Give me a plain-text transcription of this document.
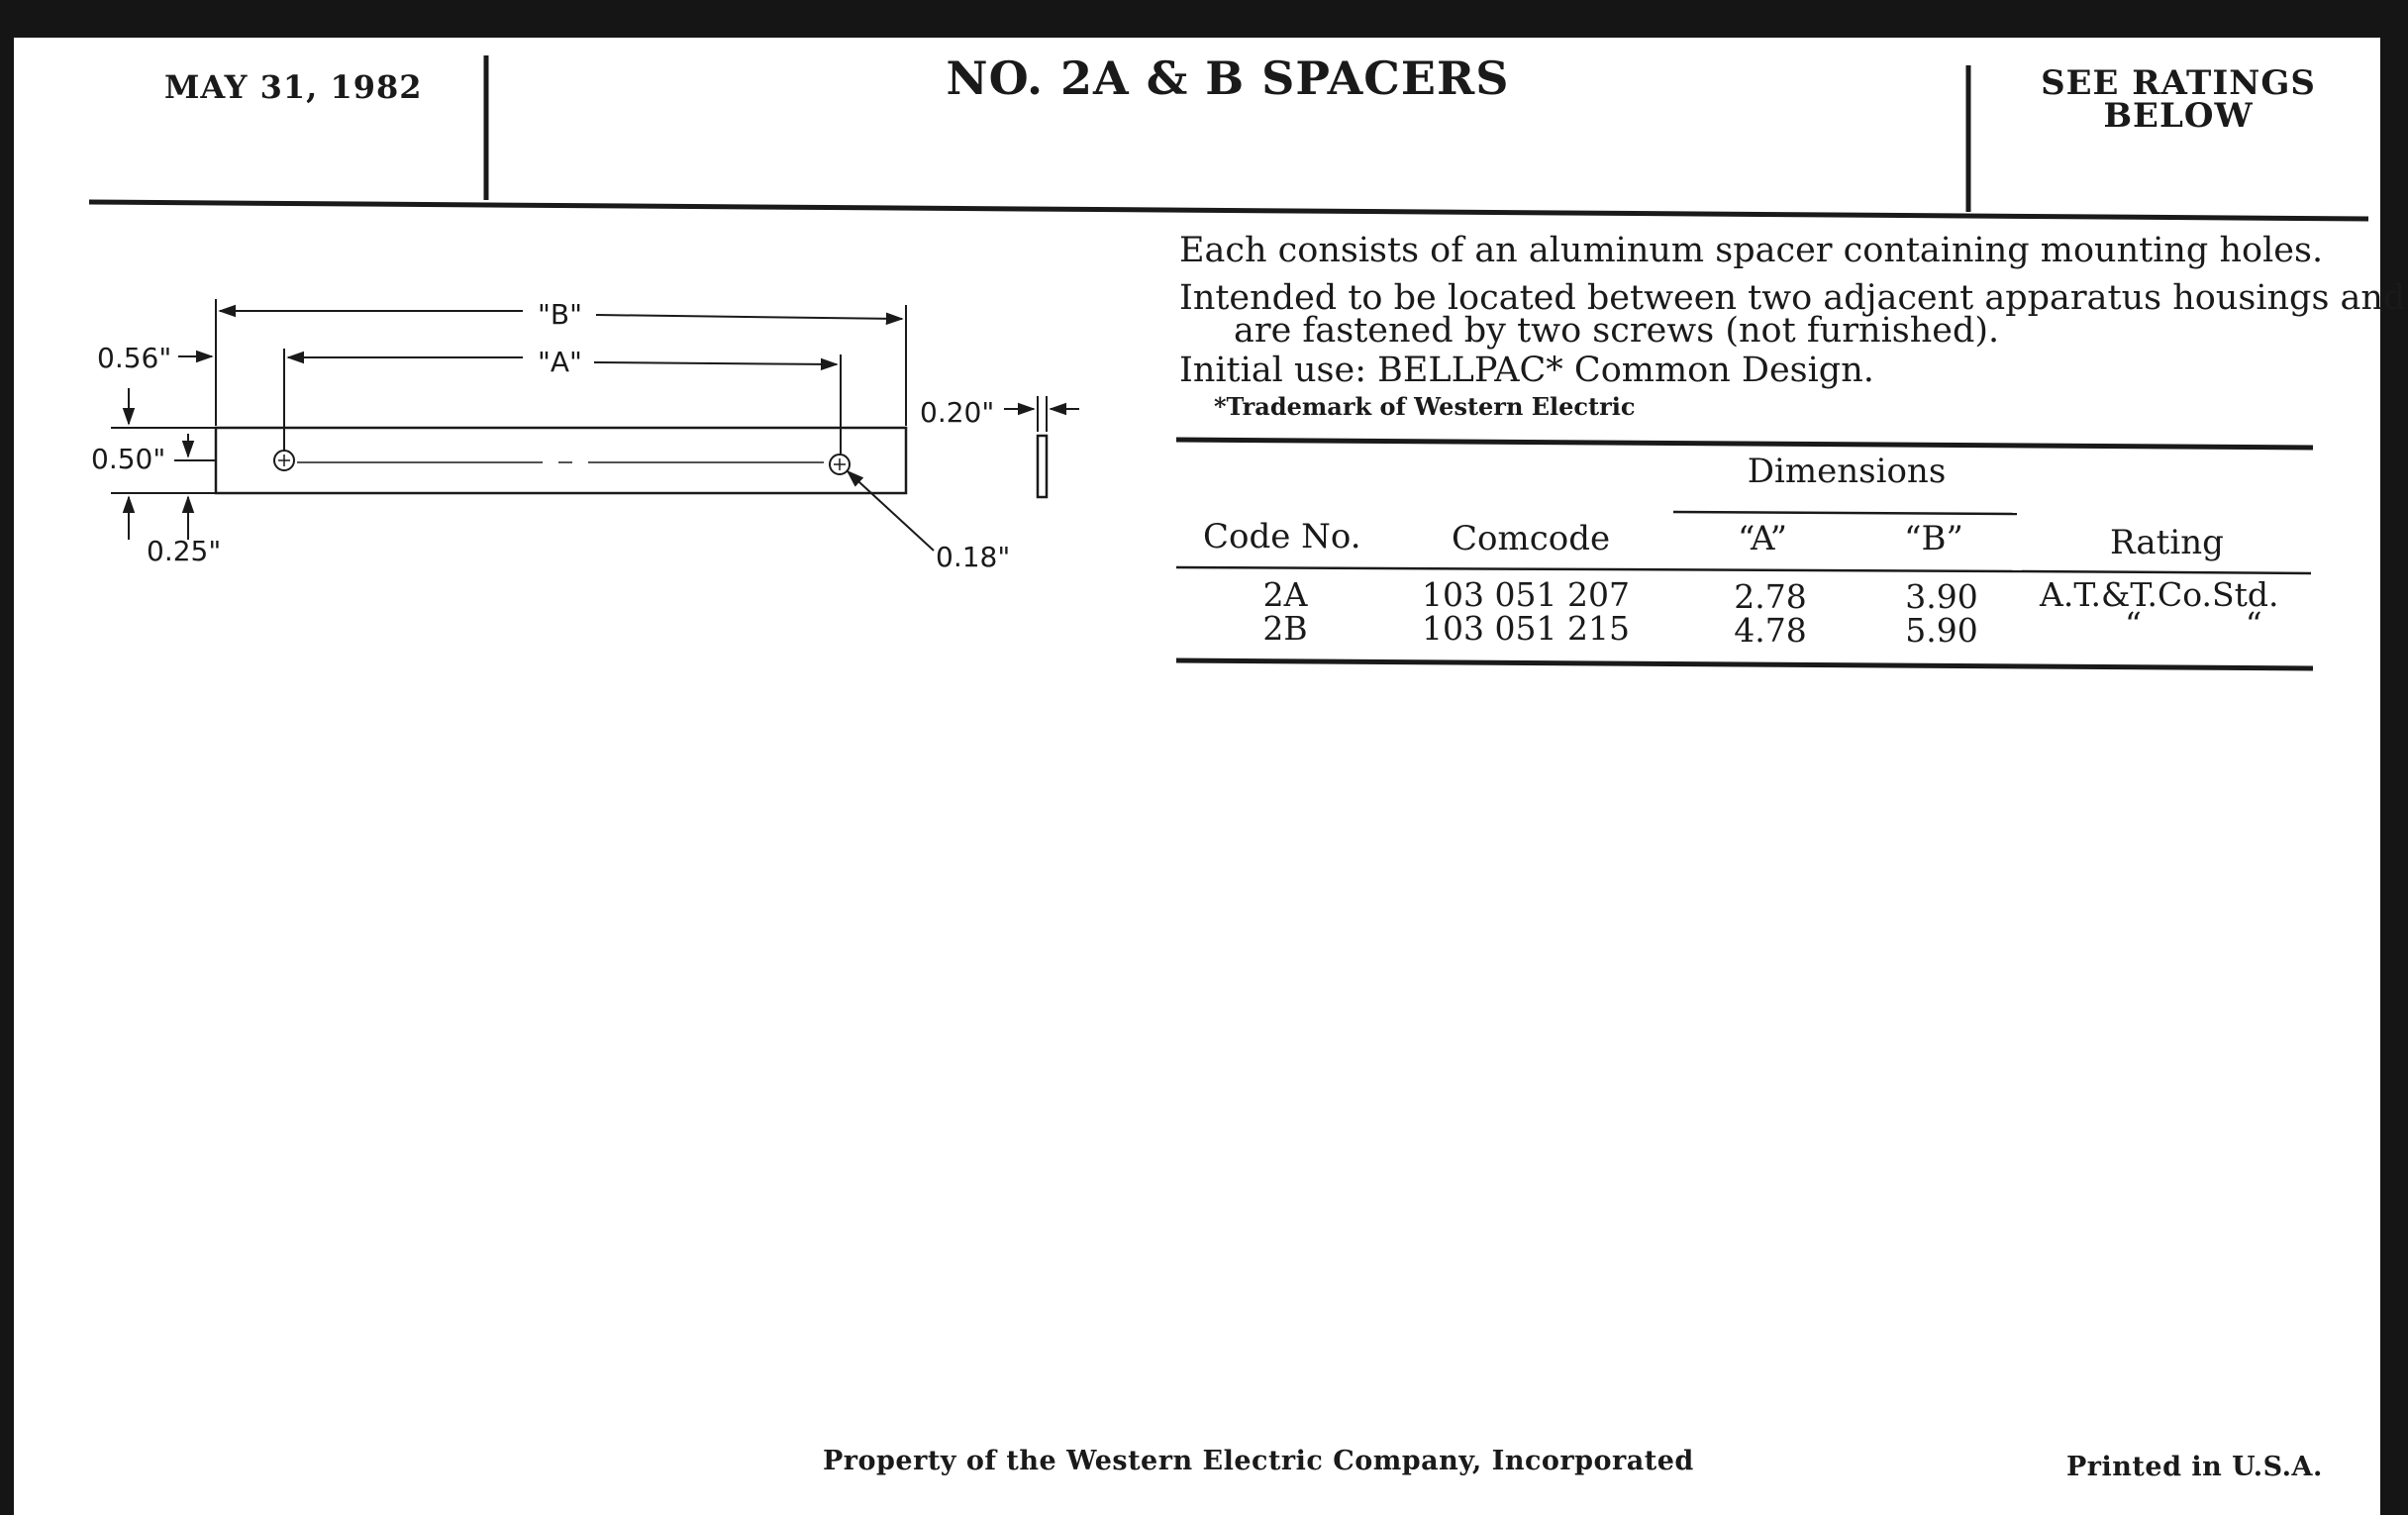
MAY 31, 1982	NO. 2A & B SPACERS	SEE RATINGS
BELOW
"B"
"A"
0.56"
0.50"
0.25"
0.20"
0.18"
Each consists of an aluminum spacer containing mounting holes.
Intended to be located between two adjacent apparatus housings and
are fastened by two screws (not furnished).
Initial use: BELLPAC* Common Design.
*Trademark of Western Electric
Dimensions
Code No.	Comcode	“A”	“B”	Rating
2A	103 051 207	2.78	3.90	A.T.&T.Co.Std.
2B	103 051 215	4.78	5.90	“          “
Property of the Western Electric Company, Incorporated	Printed in U.S.A.
